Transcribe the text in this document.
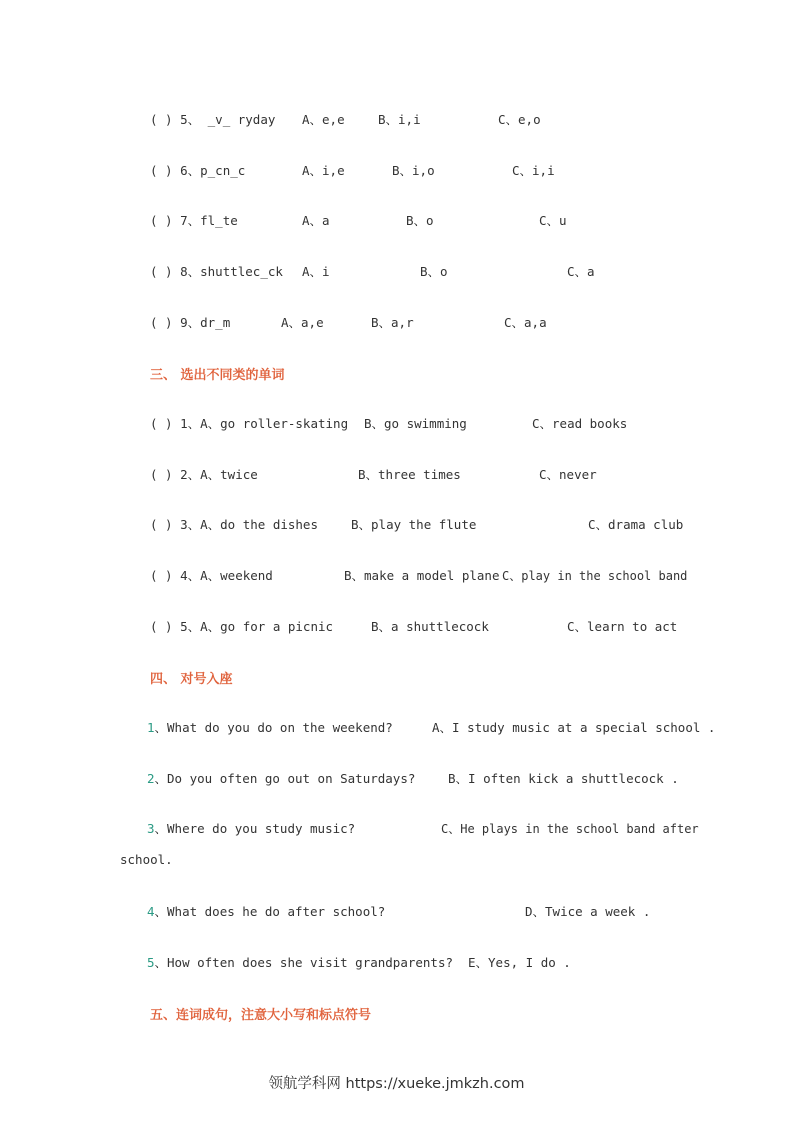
( ) 5、 _v_ ryday A、e,e	B、i,i	C、e,o
( ) 6、p_cn_c	A、i,e	B、i,o	C、i,i
( ) 7、fl_te	A、a	B、o	C、u
( ) 8、shuttlec_ck A、i	B、o	C、a
( ) 9、dr_m	A、a,e	B、a,r	C、a,a
三、 选出不同类的单词
( ) 1、A、go roller-skating B、go swimming	C、read books
( ) 2、A、twice	B、three times	C、never
( ) 3、A、do the dishes	B、play the flute	C、drama club
( ) 4、A、weekend	B、make a model plane C、play in the school band
( ) 5、A、go for a picnic	B、a shuttlecock	C、learn to act
四、 对号入座
1、What do you do on the weekend?	A、I study music at a special school .
2、Do you often go out on Saturdays?	B、I often kick a shuttlecock .
3、Where do you study music?	C、He plays in the school band after
school.
4、What does he do after school?	D、Twice a week .
5、How often does she visit grandparents? E、Yes, I do .
五、连词成句，注意大小写和标点符号
领航学科网 https://xueke.jmkzh.com
